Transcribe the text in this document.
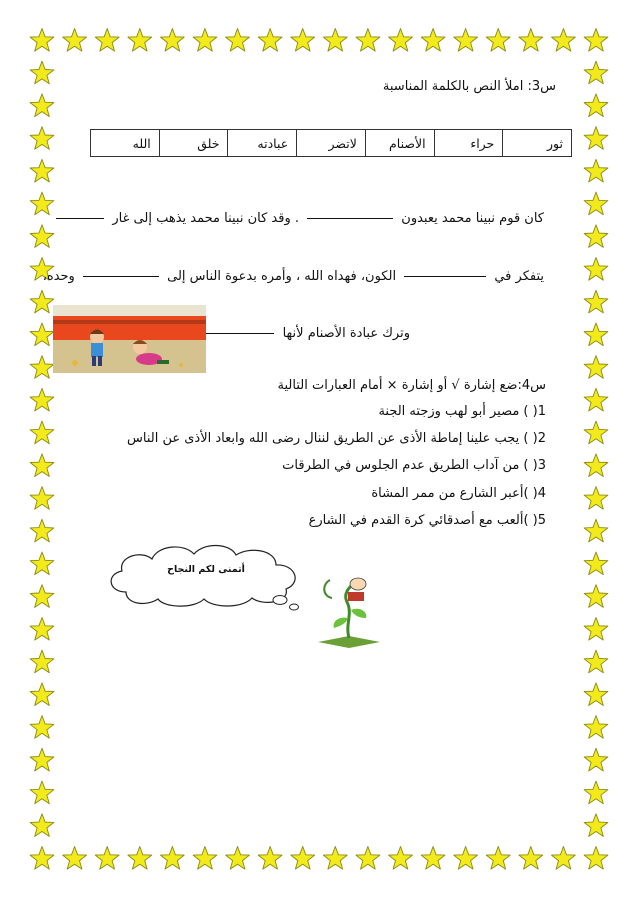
س3: املأ النص بالكلمة المناسبة
ثور	حراء	الأصنام	لاتضر	عبادته	خلق	الله
كان قوم نبينا محمد يعبدون  . وقد كان نبينا محمد يذهب إلى غار
يتفكر في  الكون، فهداه الله ، وأمره بدعوة الناس إلى  وحده،
وترك عبادة الأصنام لأنها
س4:ضع إشارة √ أو إشارة × أمام العبارات التالية
1( ) مصير أبو لهب وزجته الجنة
2( ) يجب علينا إماطة الأذى عن الطريق لننال رضى الله وابعاد الأذى عن الناس
3( ) من آداب الطريق عدم الجلوس في الطرقات
4( )أعبر الشارع من ممر المشاة
5( )ألعب مع أصدقائي كرة القدم في الشارع
أتمنى لكم النجاح
